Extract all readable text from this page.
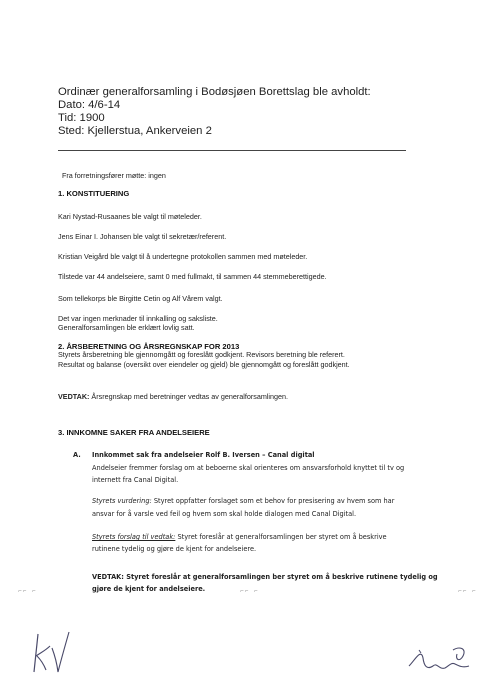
Ordinær generalforsamling i Bodøsjøen Borettslag ble avholdt:
Dato: 4/6-14
Tid: 1900
Sted: Kjellerstua, Ankerveien 2
Fra forretningsfører møtte: ingen
1. KONSTITUERING
Kari Nystad-Rusaanes ble valgt til møteleder.
Jens Einar I. Johansen ble valgt til sekretær/referent.
Kristian Veigård ble valgt til å undertegne protokollen sammen med møteleder.
Tilstede var 44 andelseiere, samt 0 med fullmakt, til sammen 44 stemmeberettigede.
Som tellekorps ble Birgitte Cetin og Alf Vårem valgt.
Det var ingen merknader til innkalling og saksliste.
Generalforsamlingen ble erklært lovlig satt.
2. ÅRSBERETNING OG ÅRSREGNSKAP FOR 2013
Styrets årsberetning ble gjennomgått og foreslått godkjent. Revisors beretning ble referert.
Resultat og balanse (oversikt over eiendeler og gjeld) ble gjennomgått og foreslått godkjent.
VEDTAK: Årsregnskap med beretninger vedtas av generalforsamlingen.
3. INNKOMNE SAKER FRA ANDELSEIERE
A. Innkommet sak fra andelseier Rolf B. Iversen – Canal digital
Andelseier fremmer forslag om at beboerne skal orienteres om ansvarsforhold knyttet til tv og
internett fra Canal Digital.
Styrets vurdering: Styret oppfatter forslaget som et behov for presisering av hvem som har
ansvar for å varsle ved feil og hvem som skal holde dialogen med Canal Digital.
Styrets forslag til vedtak: Styret foreslår at generalforsamlingen ber styret om å beskrive
rutinene tydelig og gjøre de kjent for andelseiere.
VEDTAK: Styret foreslår at generalforsamlingen ber styret om å beskrive rutinene tydelig og
gjøre de kjent for andelseiere.
⌐⌐ ⌐	⌐⌐ ⌐	⌐⌐ ⌐
